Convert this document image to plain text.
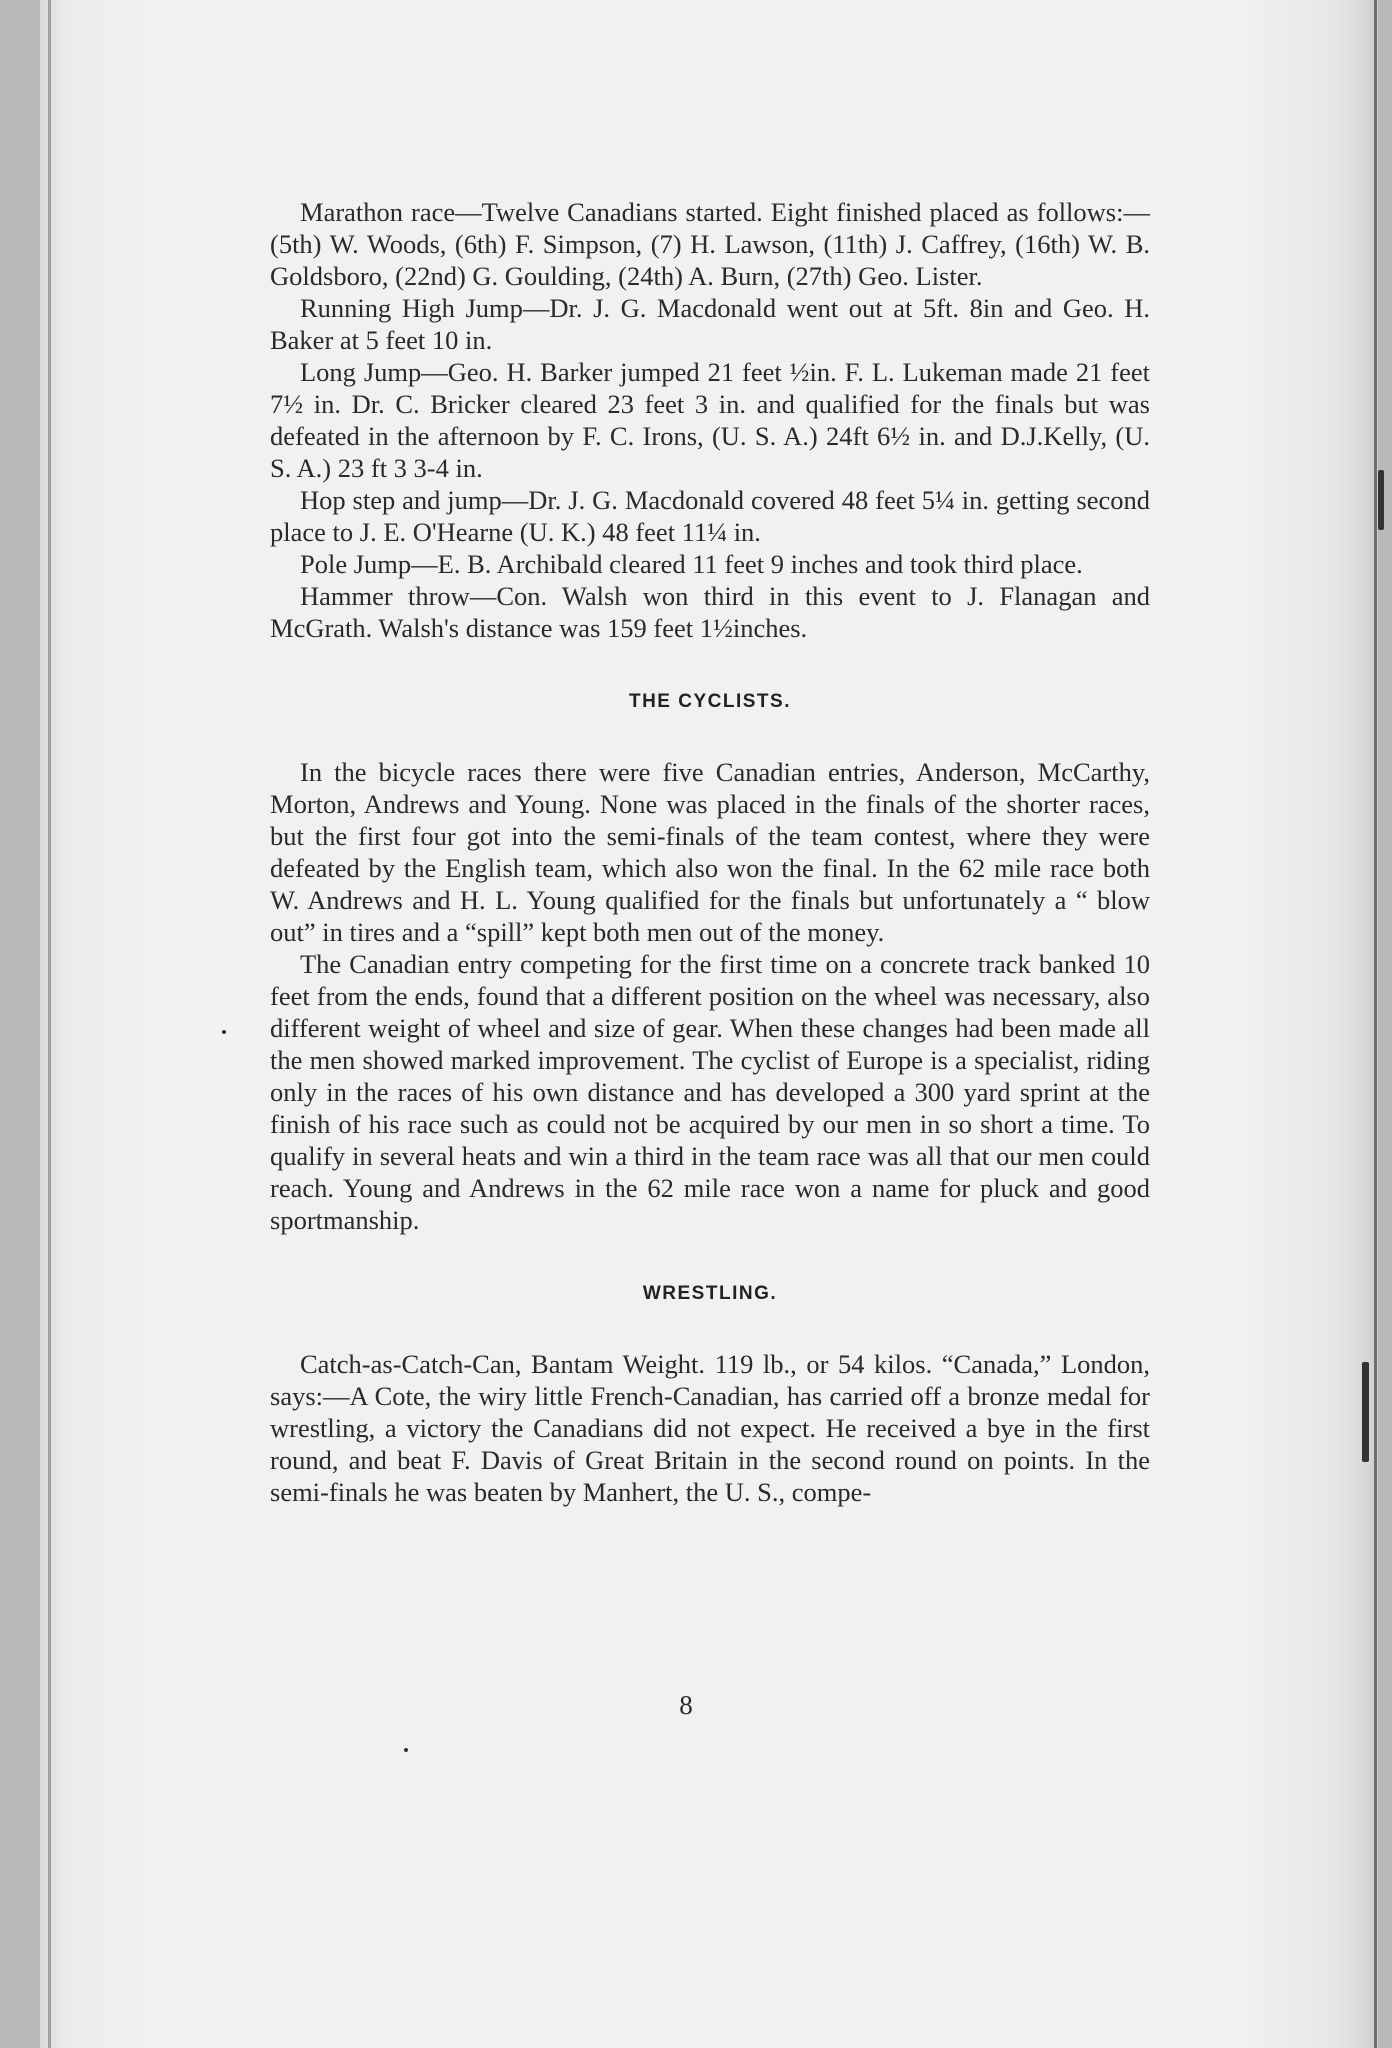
Marathon race—Twelve Canadians started. Eight finished placed as follows:—(5th) W. Woods, (6th) F. Simpson, (7) H. Lawson, (11th) J. Caffrey, (16th) W. B. Goldsboro, (22nd) G. Goulding, (24th) A. Burn, (27th) Geo. Lister.

Running High Jump—Dr. J. G. Macdonald went out at 5ft. 8in and Geo. H. Baker at 5 feet 10 in.

Long Jump—Geo. H. Barker jumped 21 feet ½in. F. L. Lukeman made 21 feet 7½ in. Dr. C. Bricker cleared 23 feet 3 in. and qualified for the finals but was defeated in the afternoon by F. C. Irons, (U. S. A.) 24ft 6½ in. and D.J.Kelly, (U. S. A.) 23 ft 3 3-4 in.

Hop step and jump—Dr. J. G. Macdonald covered 48 feet 5¼ in. getting second place to J. E. O'Hearne (U. K.) 48 feet 11¼ in.

Pole Jump—E. B. Archibald cleared 11 feet 9 inches and took third place.

Hammer throw—Con. Walsh won third in this event to J. Flanagan and McGrath. Walsh's distance was 159 feet 1½inches.

THE CYCLISTS.

In the bicycle races there were five Canadian entries, Anderson, McCarthy, Morton, Andrews and Young. None was placed in the finals of the shorter races, but the first four got into the semi-finals of the team contest, where they were defeated by the English team, which also won the final. In the 62 mile race both W. Andrews and H. L. Young qualified for the finals but unfortunately a “ blow out” in tires and a “spill” kept both men out of the money.

The Canadian entry competing for the first time on a concrete track banked 10 feet from the ends, found that a different position on the wheel was necessary, also different weight of wheel and size of gear. When these changes had been made all the men showed marked improvement. The cyclist of Europe is a specialist, riding only in the races of his own distance and has developed a 300 yard sprint at the finish of his race such as could not be acquired by our men in so short a time. To qualify in several heats and win a third in the team race was all that our men could reach. Young and Andrews in the 62 mile race won a name for pluck and good sportmanship.

WRESTLING.

Catch-as-Catch-Can, Bantam Weight. 119 lb., or 54 kilos. “Canada,” London, says:—A Cote, the wiry little French-Canadian, has carried off a bronze medal for wrestling, a victory the Canadians did not expect. He received a bye in the first round, and beat F. Davis of Great Britain in the second round on points. In the semi-finals he was beaten by Manhert, the U. S., compe-

8
